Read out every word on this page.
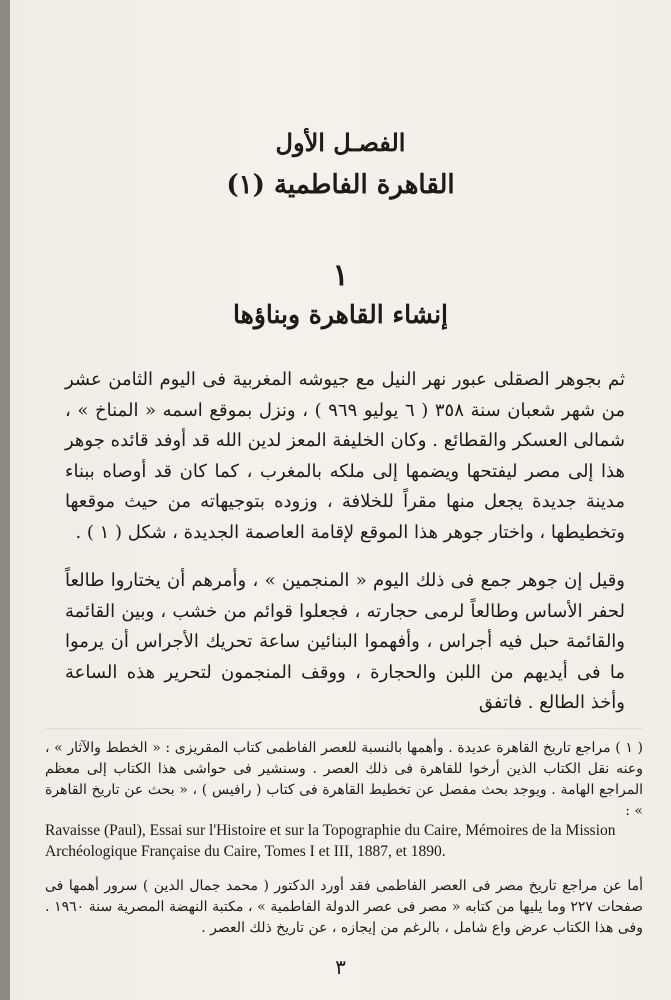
الفصـل الأول
القاهرة الفاطمية (١)
١
إنشاء القاهرة وبناؤها
ثم بجوهر الصقلى عبور نهر النيل مع جيوشه المغربية فى اليوم الثامن عشر من شهر شعبان سنة ٣٥٨ ( ٦ يوليو ٩٦٩ ) ، ونزل بموقع اسمه « المناخ » ، شمالى العسكر والقطائع . وكان الخليفة المعز لدين الله قد أوفد قائده جوهر هذا إلى مصر ليفتحها ويضمها إلى ملكه بالمغرب ، كما كان قد أوصاه ببناء مدينة جديدة يجعل منها مقراً للخلافة ، وزوده بتوجيهاته من حيث موقعها وتخطيطها ، واختار جوهر هذا الموقع لإقامة العاصمة الجديدة ، شكل ( ١ ) .
وقيل إن جوهر جمع فى ذلك اليوم « المنجمين » ، وأمرهم أن يختاروا طالعاً لحفر الأساس وطالعاً لرمى حجارته ، فجعلوا قوائم من خشب ، وبين القائمة والقائمة حبل فيه أجراس ، وأفهموا البنائين ساعة تحريك الأجراس أن يرموا ما فى أيديهم من اللبن والحجارة ، ووقف المنجمون لتحرير هذه الساعة وأخذ الطالع . فاتفق
( ١ ) مراجع تاريخ القاهرة عديدة . وأهمها بالنسبة للعصر الفاطمى كتاب المقريزى : « الخطط والآثار » ، وعنه نقل الكتاب الذين أرخوا للقاهرة فى ذلك العصر . وسنشير فى حواشى هذا الكتاب إلى معظم المراجع الهامة . ويوجد بحث مفصل عن تخطيط القاهرة فى كتاب ( رافيس ) ، « بحث عن تاريخ القاهرة » :
Ravaisse (Paul), Essai sur l'Histoire et sur la Topographie du Caire, Mémoires de la Mission Archéologique Française du Caire, Tomes I et III, 1887, et 1890.
أما عن مراجع تاريخ مصر فى العصر الفاطمى فقد أورد الدكتور ( محمد جمال الدين ) سرور أهمها فى صفحات ٢٢٧ وما يليها من كتابه « مصر فى عصر الدولة الفاطمية » ، مكتبة النهضة المصرية سنة ١٩٦٠ . وفى هذا الكتاب عرض واع شامل ، بالرغم من إيجازه ، عن تاريخ ذلك العصر .
٣
